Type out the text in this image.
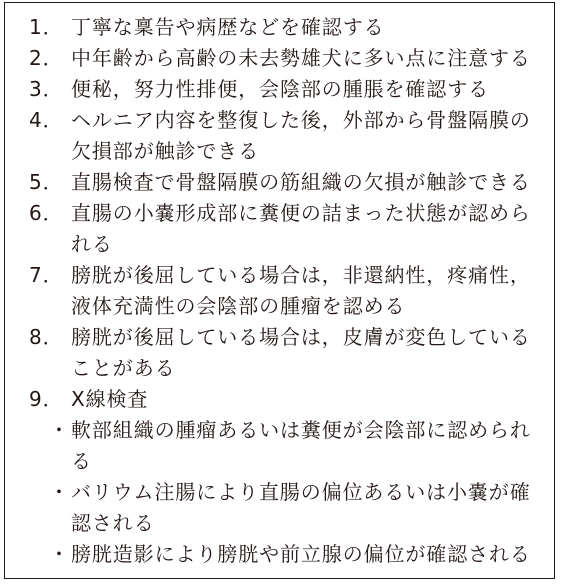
1． 丁寧な稟告や病歴などを確認する
2． 中年齢から高齢の未去勢雄犬に多い点に注意する
3． 便秘，努力性排便，会陰部の腫脹を確認する
4． ヘルニア内容を整復した後，外部から骨盤隔膜の
欠損部が触診できる
5． 直腸検査で骨盤隔膜の筋組織の欠損が触診できる
6． 直腸の小嚢形成部に糞便の詰まった状態が認めら
れる
7． 膀胱が後屈している場合は，非還納性，疼痛性，
液体充満性の会陰部の腫瘤を認める
8． 膀胱が後屈している場合は，皮膚が変色している
ことがある
9． X線検査
・ 軟部組織の腫瘤あるいは糞便が会陰部に認められ
る
・ バリウム注腸により直腸の偏位あるいは小嚢が確
認される
・ 膀胱造影により膀胱や前立腺の偏位が確認される
